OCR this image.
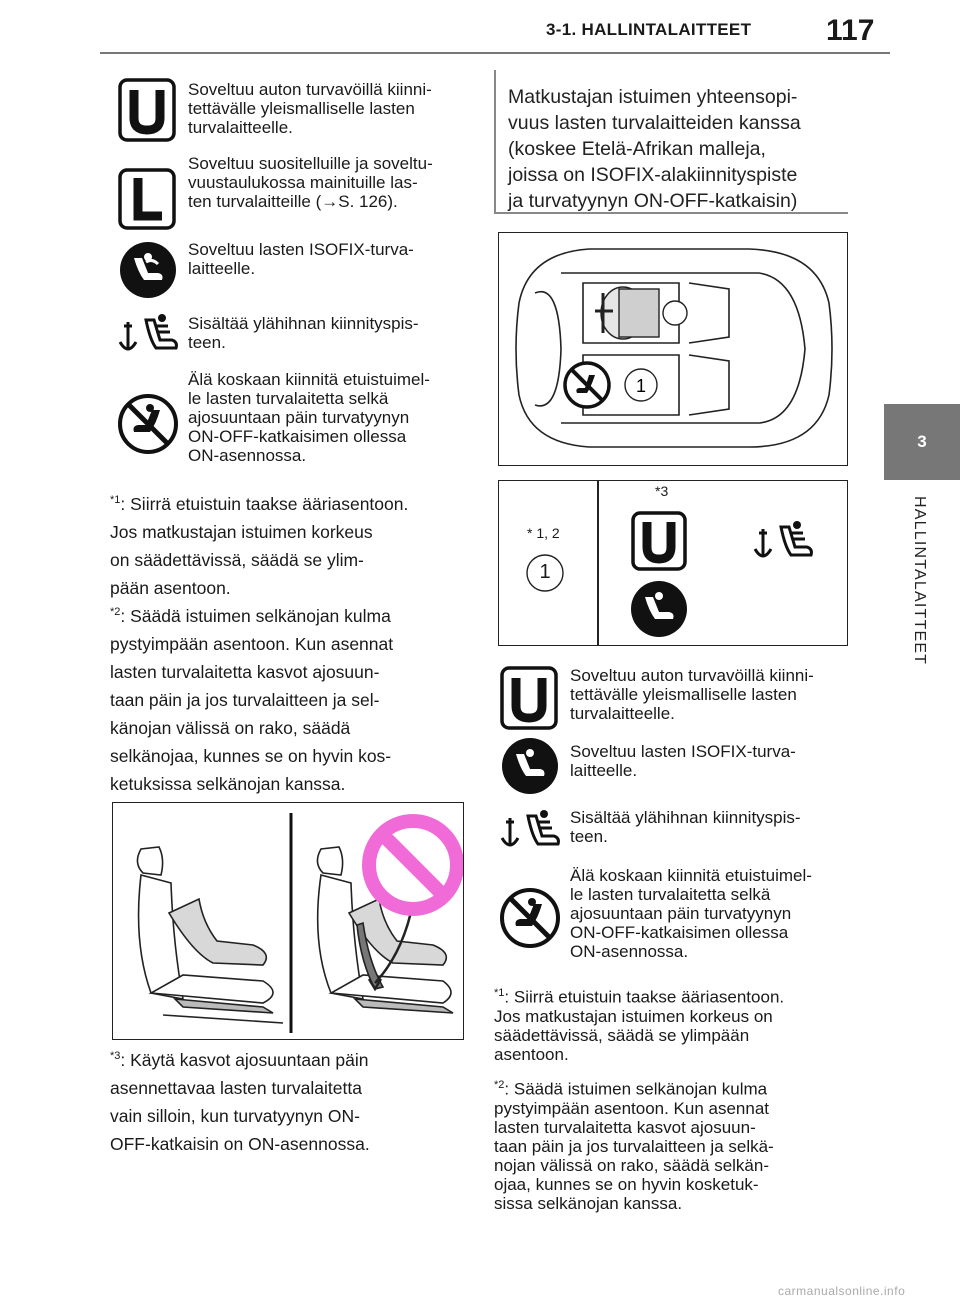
3-1. HALLINTALAITTEET 117
3
HALLINTALAITTEET
Soveltuu auton turvavöillä kiinni-
tettävälle yleismalliselle lasten
turvalaitteelle.
Soveltuu suositelluille ja soveltu-
vuustaulukossa mainituille las-
ten turvalaitteille (→S. 126).
Soveltuu lasten ISOFIX-turva-
laitteelle.
Sisältää ylähihnan kiinnityspis-
teen.
Älä koskaan kiinnitä etuistuimel-
le lasten turvalaitetta selkä
ajosuuntaan päin turvatyynyn
ON-OFF-katkaisimen ollessa
ON-asennossa.
$^{*1}$: Siirrä etuistuin taakse ääriasentoon.
Jos matkustajan istuimen korkeus
on säädettävissä, säädä se ylim-
pään asentoon.
$^{*2}$: Säädä istuimen selkänojan kulma
pystyimpään asentoon. Kun asennat
lasten turvalaitetta kasvot ajosuun-
taan päin ja jos turvalaitteen ja sel-
känojan välissä on rako, säädä
selkänojaa, kunnes se on hyvin kos-
ketuksissa selkänojan kanssa.
$^{*3}$: Käytä kasvot ajosuuntaan päin
asennettavaa lasten turvalaitetta
vain silloin, kun turvatyynyn ON-
OFF-katkaisin on ON-asennossa.
Matkustajan istuimen yhteensopi-
vuus lasten turvalaitteiden kanssa
(koskee Etelä-Afrikan malleja,
joissa on ISOFIX-alakiinnityspiste
ja turvatyynyn ON-OFF-katkaisin)
1
* 1, 2
1
*3
Soveltuu auton turvavöillä kiinni-
tettävälle yleismalliselle lasten
turvalaitteelle.
Soveltuu lasten ISOFIX-turva-
laitteelle.
Sisältää ylähihnan kiinnityspis-
teen.
Älä koskaan kiinnitä etuistuimel-
le lasten turvalaitetta selkä
ajosuuntaan päin turvatyynyn
ON-OFF-katkaisimen ollessa
ON-asennossa.
$^{*1}$: Siirrä etuistuin taakse ääriasentoon.
Jos matkustajan istuimen korkeus on
säädettävissä, säädä se ylimpään
asentoon.
$^{*2}$: Säädä istuimen selkänojan kulma
pystyimpään asentoon. Kun asennat
lasten turvalaitetta kasvot ajosuun-
taan päin ja jos turvalaitteen ja selkä-
nojan välissä on rako, säädä selkän-
ojaa, kunnes se on hyvin kosketuk-
sissa selkänojan kanssa.
carmanualsonline.info
